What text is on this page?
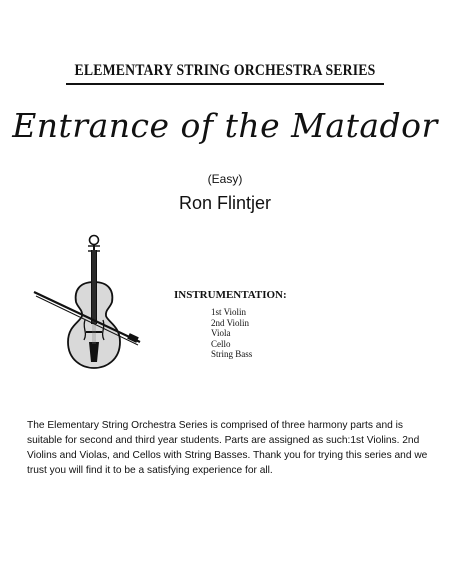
ELEMENTARY STRING ORCHESTRA SERIES
Entrance of the Matador
(Easy)
Ron Flintjer
INSTRUMENTATION:
1st Violin
2nd Violin
Viola
Cello
String Bass

The Elementary String Orchestra Series is comprised of three harmony parts and is suitable for second and third year students. Parts are assigned as such:1st Violins. 2nd Violins and Violas, and Cellos with String Basses. Thank you for trying this series and we trust you will find it to be a satisfying experience for all.
